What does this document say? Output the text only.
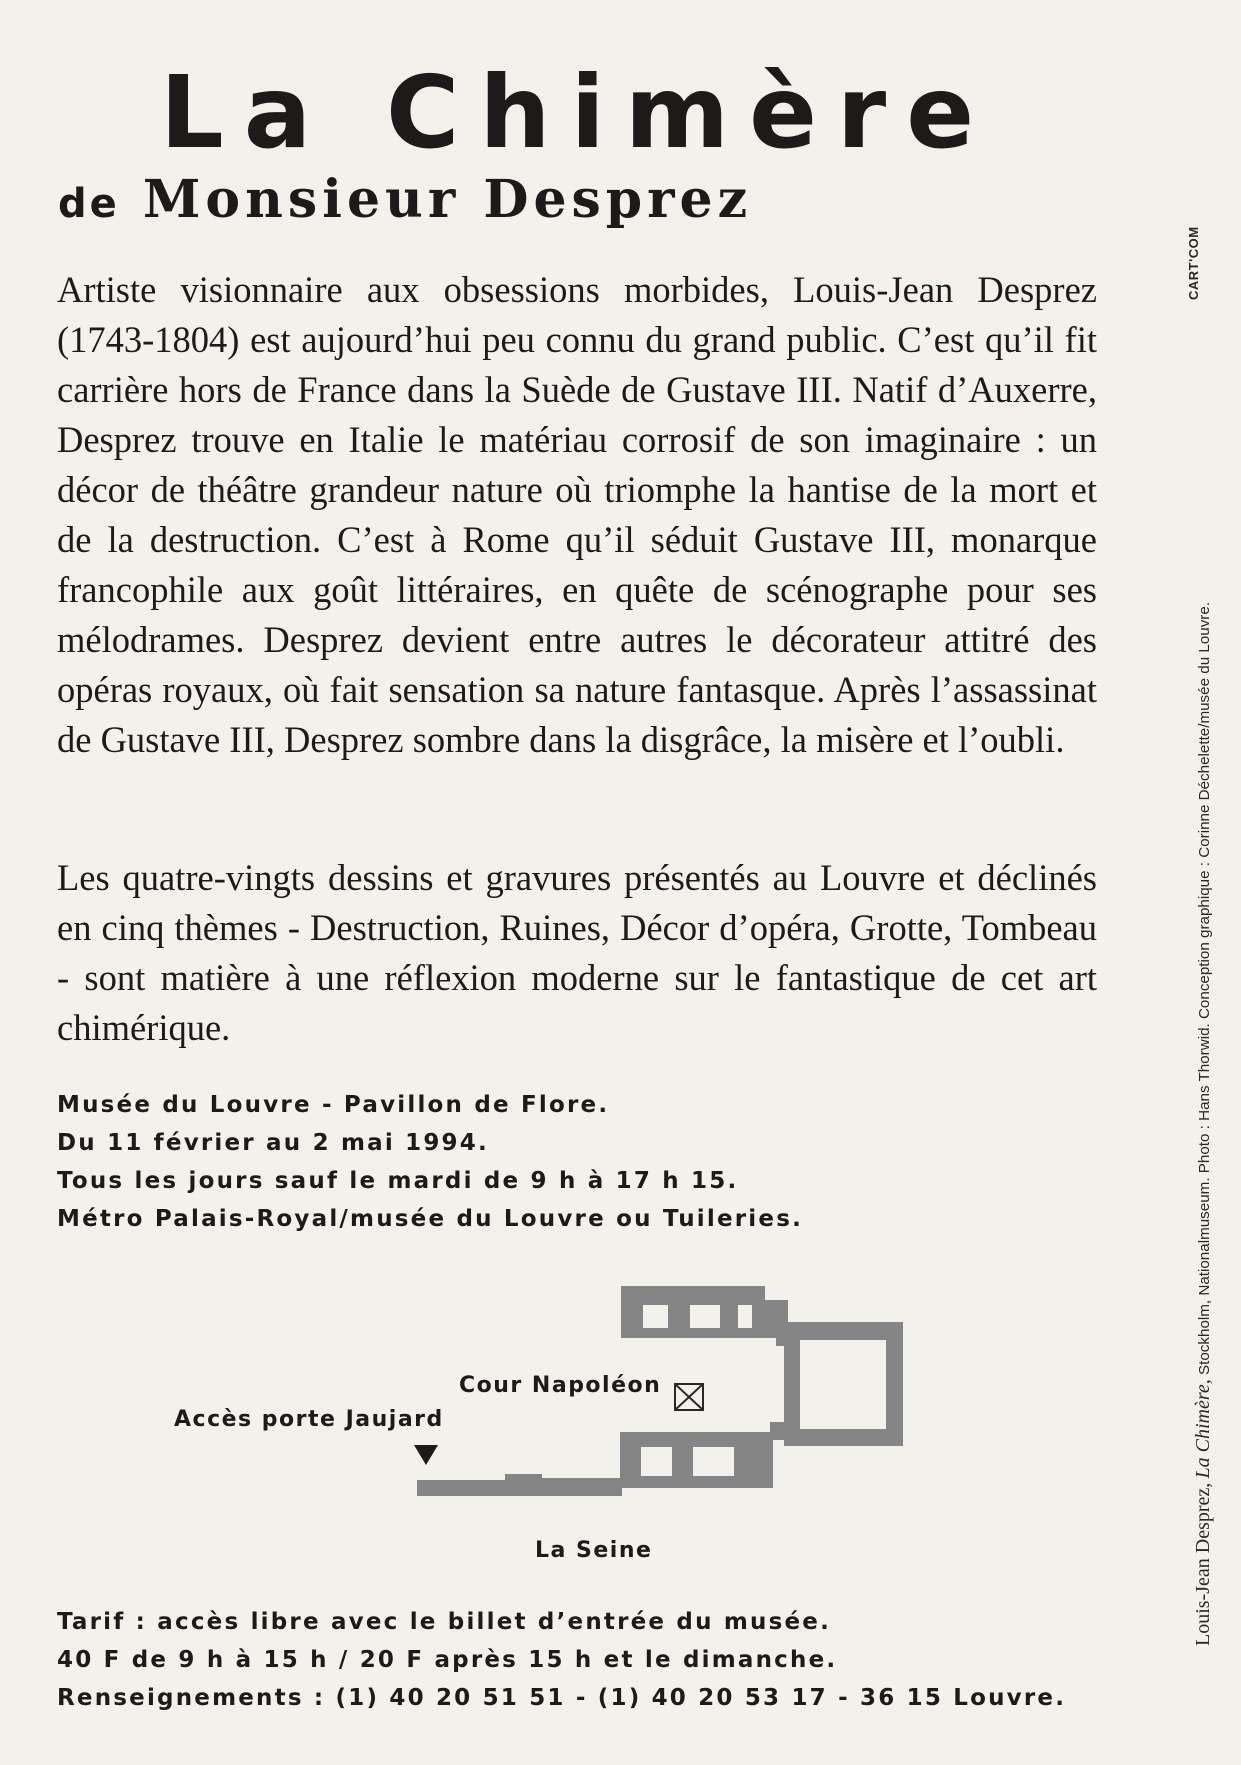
La Chimère
de Monsieur Desprez

Artiste visionnaire aux obsessions morbides, Louis-Jean Desprez (1743-1804) est aujourd’hui peu connu du grand public. C’est qu’il fit carrière hors de France dans la Suède de Gustave III. Natif d’Auxerre, Desprez trouve en Italie le matériau corrosif de son imaginaire : un décor de théâtre grandeur nature où triomphe la hantise de la mort et de la destruction. C’est à Rome qu’il séduit Gustave III, monarque francophile aux goût littéraires, en quête de scénographe pour ses mélodrames. Desprez devient entre autres le décorateur attitré des opéras royaux, où fait sensation sa nature fantasque. Après l’assassinat de Gustave III, Desprez sombre dans la disgrâce, la misère et l’oubli.

Les quatre-vingts dessins et gravures présentés au Louvre et déclinés en cinq thèmes - Destruction, Ruines, Décor d’opéra, Grotte, Tombeau - sont matière à une réflexion moderne sur le fantastique de cet art chimérique.

Musée du Louvre - Pavillon de Flore.
Du 11 février au 2 mai 1994.
Tous les jours sauf le mardi de 9 h à 17 h 15.
Métro Palais-Royal/musée du Louvre ou Tuileries.
Cour Napoléon
Accès porte Jaujard
La Seine
Tarif : accès libre avec le billet d’entrée du musée.
40 F de 9 h à 15 h / 20 F après 15 h et le dimanche.
Renseignements : (1) 40 20 51 51 - (1) 40 20 53 17 - 36 15 Louvre.
Louis-Jean Desprez, La Chimère, Stockholm, Nationalmuseum. Photo : Hans Thorwid. Conception graphique : Corinne Déchelette/musée du Louvre.
CART'COM
